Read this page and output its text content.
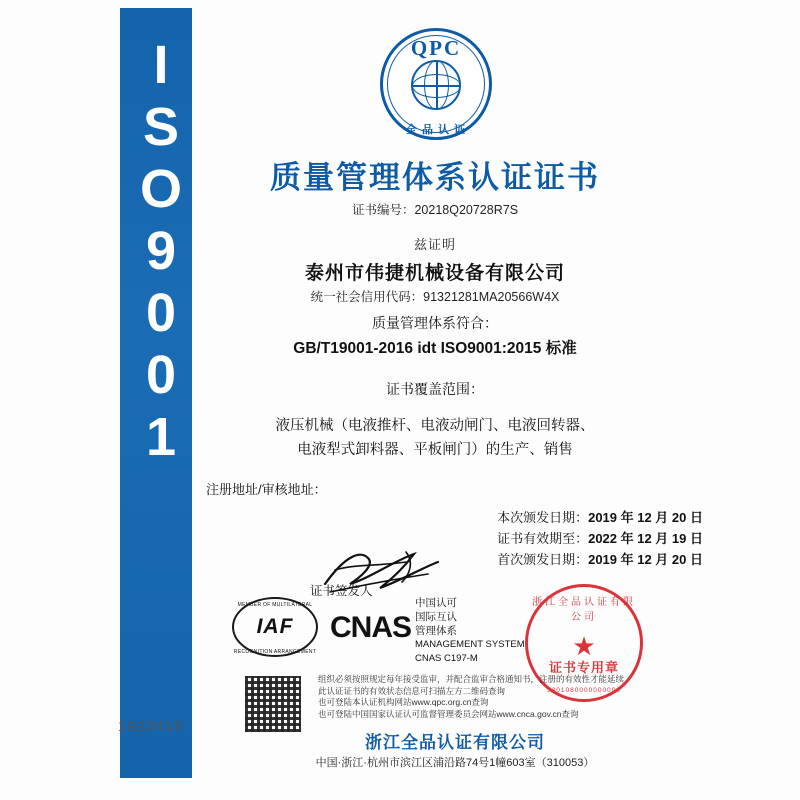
ISO9001
1823416
QPC
全 品 认 证
质量管理体系认证证书
证书编号：20218Q20728R7S
兹证明
泰州市伟捷机械设备有限公司
统一社会信用代码：91321281MA20566W4X
质量管理体系符合：
GB/T19001-2016 idt ISO9001:2015 标准
证书覆盖范围：
液压机械（电液推杆、电液动闸门、电液回转器、
电液犁式卸料器、平板闸门）的生产、销售
注册地址/审核地址：
本次颁发日期：2019 年 12 月 20 日
证书有效期至：2022 年 12 月 19 日
首次颁发日期：2019 年 12 月 20 日
证书签发人
MEMBER OF MULTILATERAL
IAF
RECOGNITION ARRANGEMENT
CNAS
中国认可
国际互认
管理体系
MANAGEMENT SYSTEM
CNAS C197-M
浙江全品认证有限公司
★
证书专用章
3301080000000000
组织必须按照规定每年接受监审，并配合监审合格通知书，注册的有效性才能延续
此认证证书的有效状态信息可扫描左方二维码查询
也可登陆本认证机构网站www.qpc.org.cn查询
也可登陆中国国家认证认可监督管理委员会网站www.cnca.gov.cn查询
浙江全品认证有限公司
中国·浙江·杭州市滨江区浦沿路74号1幢603室（310053）
